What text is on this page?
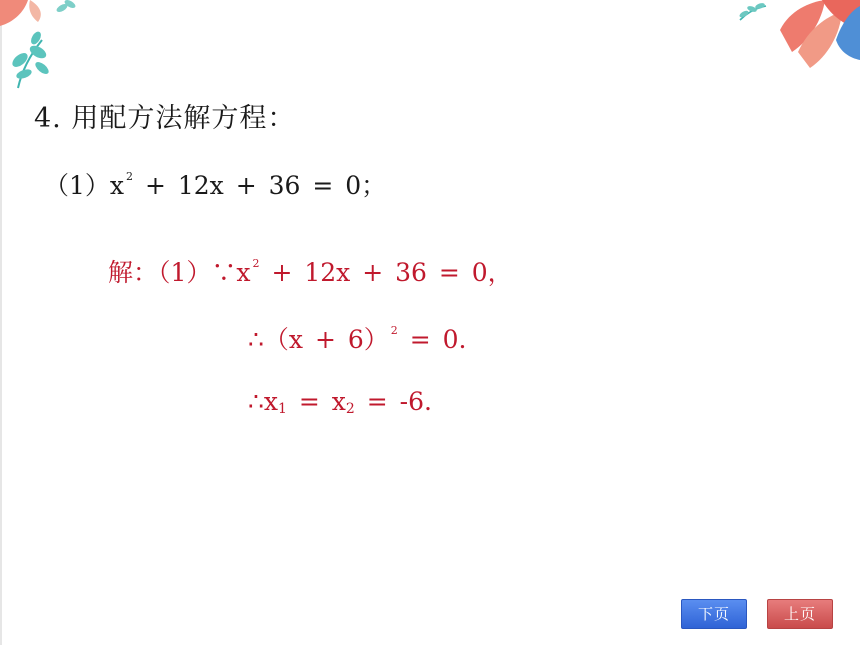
4. 用配方法解方程：
（1）x $^2$ + 12x + 36 = 0；
解：（1）∵x $^2$ + 12x + 36 = 0，
∴（x + 6） $^2$ = 0.
$\therefore x_1 = x_2 = -6$.
下页	上页
